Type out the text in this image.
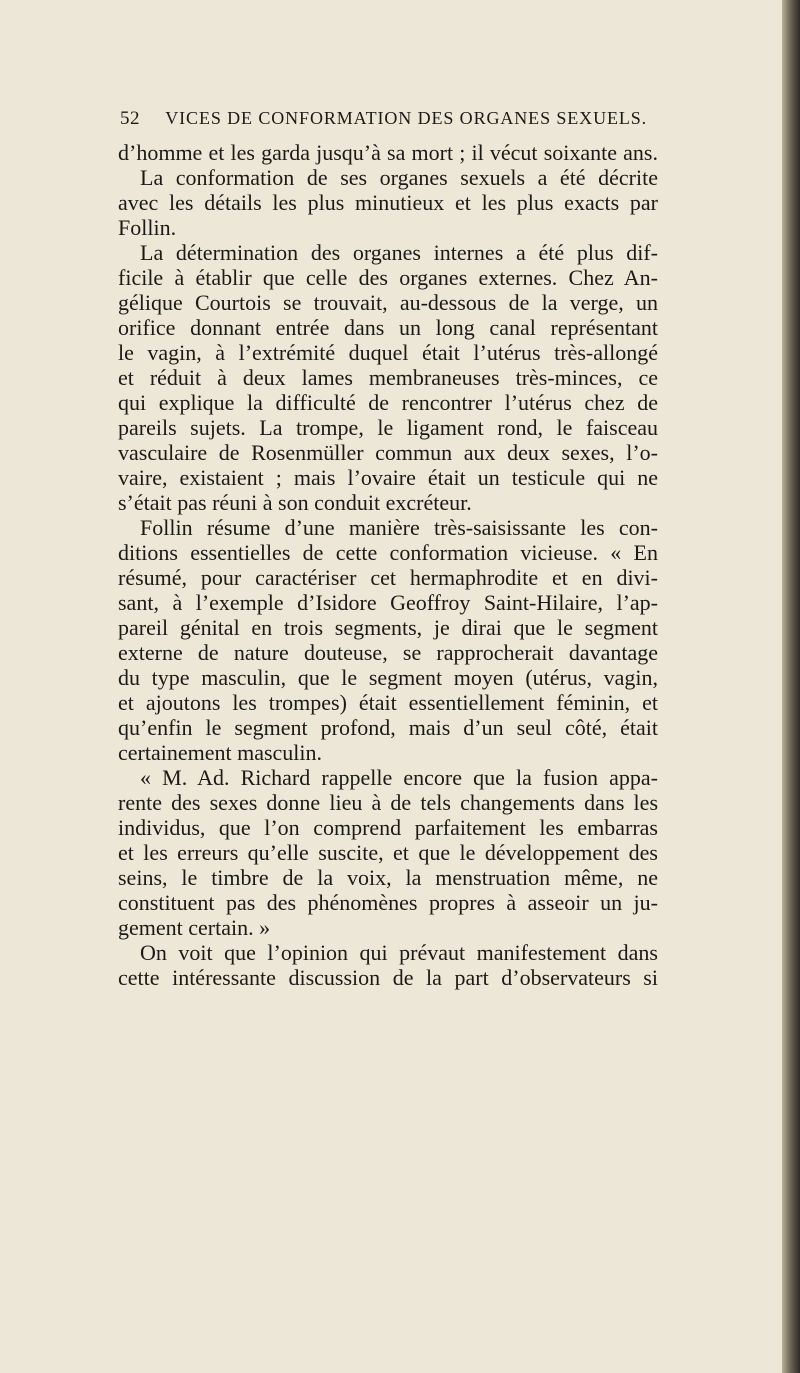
52 VICES DE CONFORMATION DES ORGANES SEXUELS.
d’homme et les garda jusqu’à sa mort ; il vécut soixante ans.
La conformation de ses organes sexuels a été décrite
avec les détails les plus minutieux et les plus exacts par
Follin.
La détermination des organes internes a été plus dif-
ficile à établir que celle des organes externes. Chez An-
gélique Courtois se trouvait, au-dessous de la verge, un
orifice donnant entrée dans un long canal représentant
le vagin, à l’extrémité duquel était l’utérus très-allongé
et réduit à deux lames membraneuses très-minces, ce
qui explique la difficulté de rencontrer l’utérus chez de
pareils sujets. La trompe, le ligament rond, le faisceau
vasculaire de Rosenmüller commun aux deux sexes, l’o-
vaire, existaient ; mais l’ovaire était un testicule qui ne
s’était pas réuni à son conduit excréteur.
Follin résume d’une manière très-saisissante les con-
ditions essentielles de cette conformation vicieuse. « En
résumé, pour caractériser cet hermaphrodite et en divi-
sant, à l’exemple d’Isidore Geoffroy Saint-Hilaire, l’ap-
pareil génital en trois segments, je dirai que le segment
externe de nature douteuse, se rapprocherait davantage
du type masculin, que le segment moyen (utérus, vagin,
et ajoutons les trompes) était essentiellement féminin, et
qu’enfin le segment profond, mais d’un seul côté, était
certainement masculin.
« M. Ad. Richard rappelle encore que la fusion appa-
rente des sexes donne lieu à de tels changements dans les
individus, que l’on comprend parfaitement les embarras
et les erreurs qu’elle suscite, et que le développement des
seins, le timbre de la voix, la menstruation même, ne
constituent pas des phénomènes propres à asseoir un ju-
gement certain. »
On voit que l’opinion qui prévaut manifestement dans
cette intéressante discussion de la part d’observateurs si
